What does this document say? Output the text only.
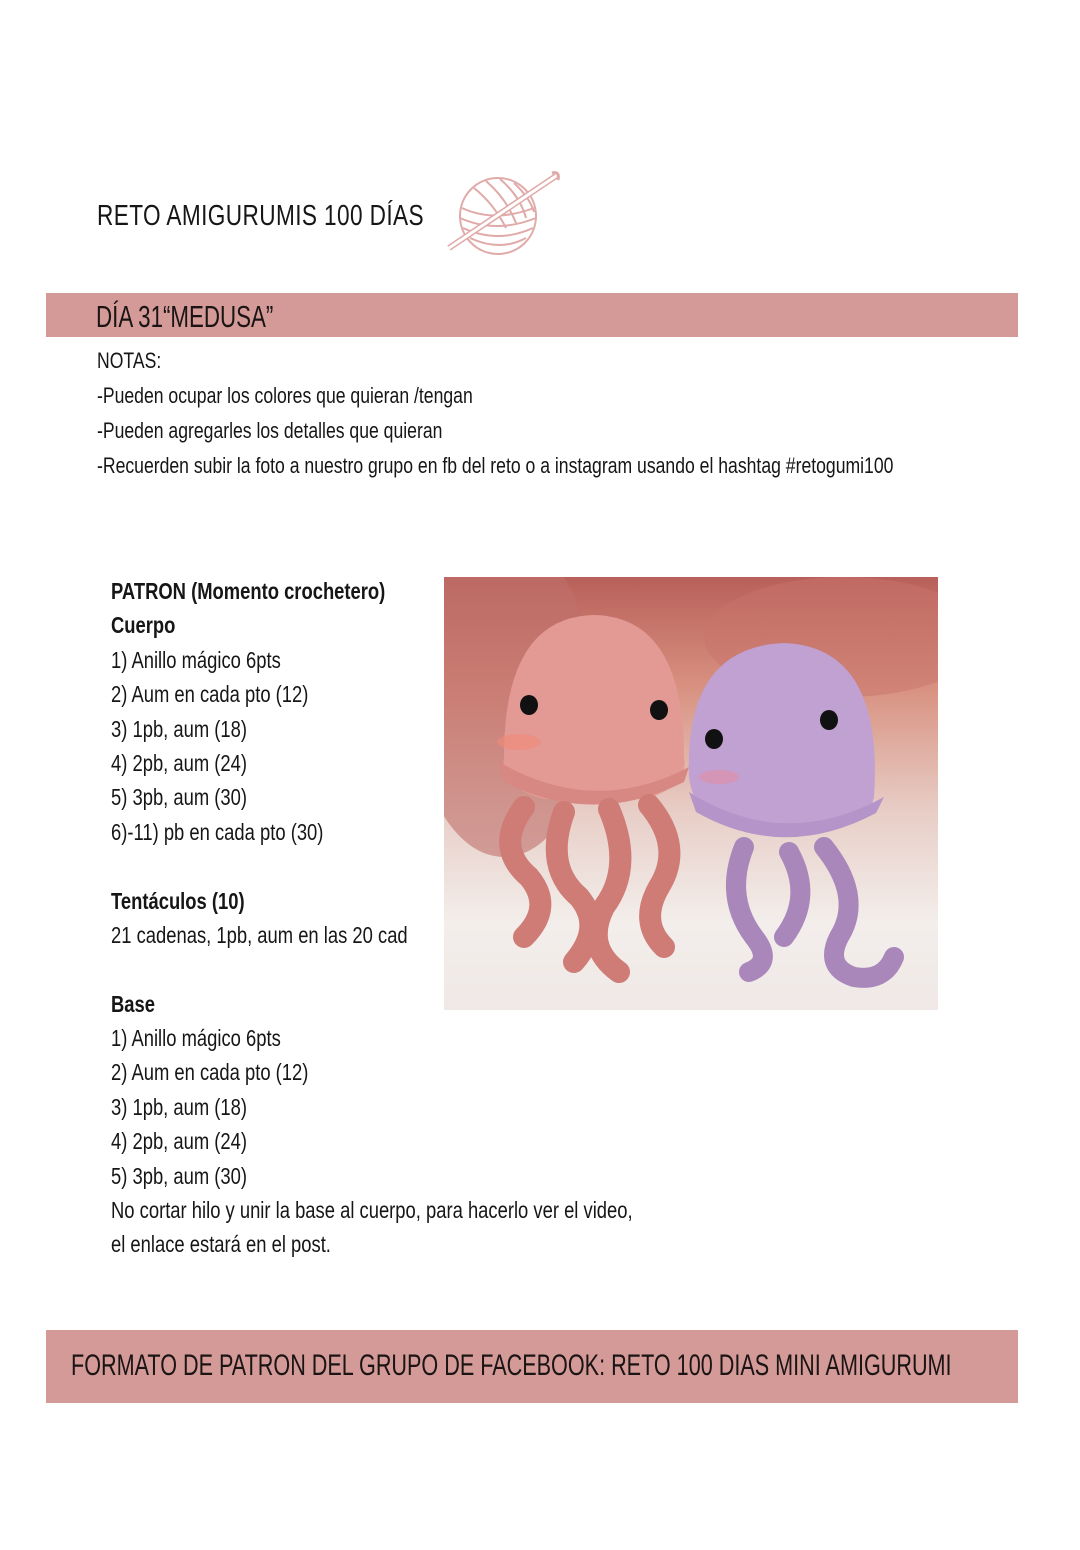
RETO AMIGURUMIS 100 DÍAS
DÍA 31“MEDUSA”
NOTAS:
-Pueden ocupar los colores que quieran /tengan
-Pueden agregarles los detalles que quieran
-Recuerden subir la foto a nuestro grupo en fb del reto o a instagram usando el hashtag #retogumi100
PATRON (Momento crochetero)
Cuerpo
1) Anillo mágico 6pts
2) Aum en cada pto (12)
3) 1pb, aum (18)
4) 2pb, aum (24)
5) 3pb, aum (30)
6)-11) pb en cada pto (30)
Tentáculos (10)
21 cadenas, 1pb, aum en las 20 cad
Base
1) Anillo mágico 6pts
2) Aum en cada pto (12)
3) 1pb, aum (18)
4) 2pb, aum (24)
5) 3pb, aum (30)
No cortar hilo y unir la base al cuerpo, para hacerlo ver el video,
el enlace estará en el post.
FORMATO DE PATRON DEL GRUPO DE FACEBOOK: RETO 100 DIAS MINI AMIGURUMI
